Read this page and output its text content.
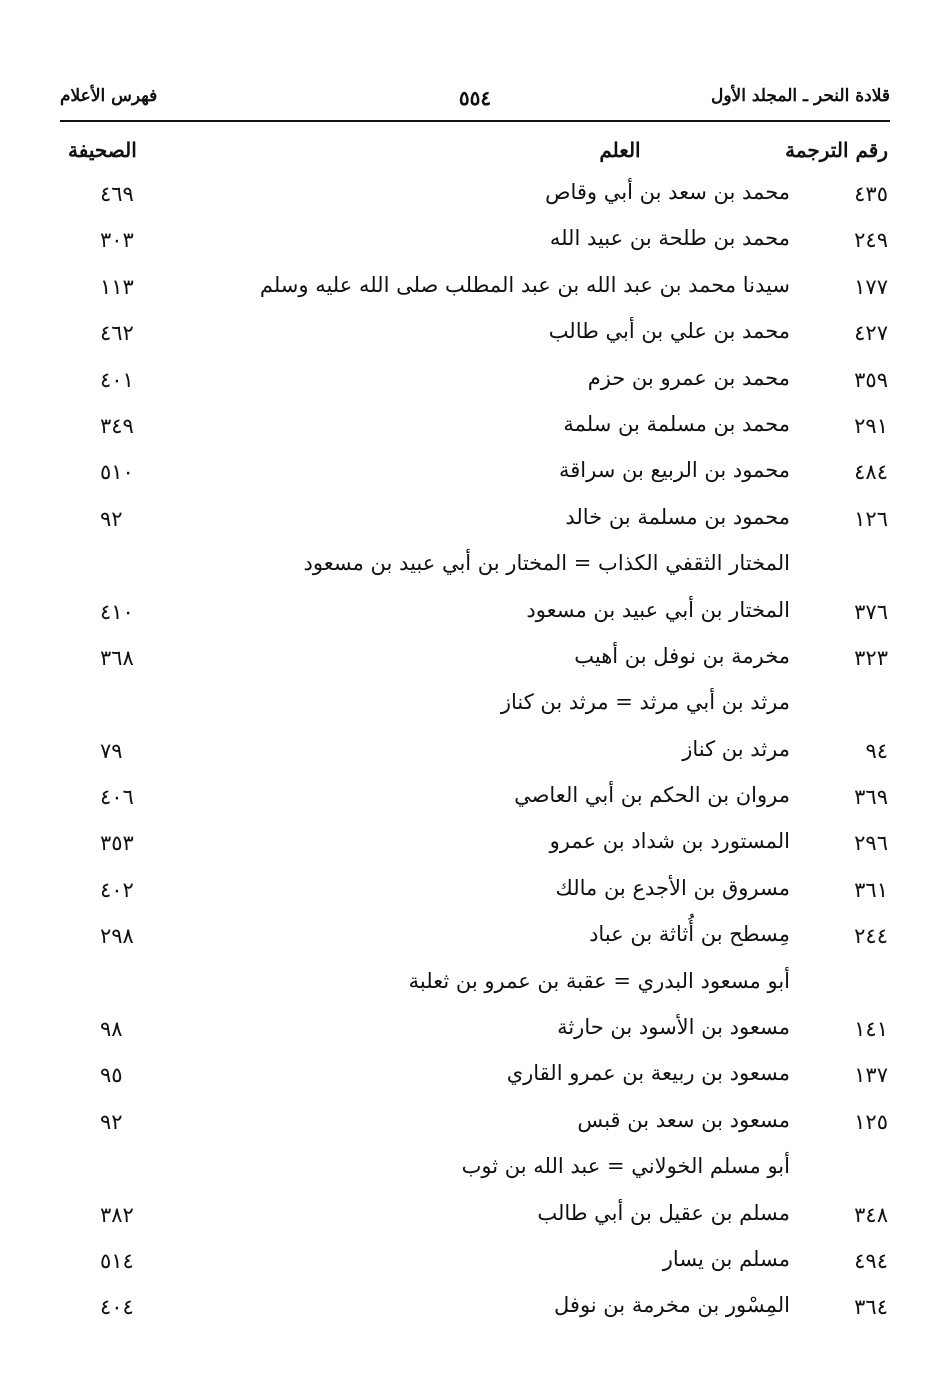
قلادة النحر ـ المجلد الأول
٥٥٤
فهرس الأعلام
رقم الترجمة
العلم
الصحيفة
٤٣٥
محمد بن سعد بن أبي وقاص
٤٦٩
٢٤٩
محمد بن طلحة بن عبيد الله
٣٠٣
١٧٧
سيدنا محمد بن عبد الله بن عبد المطلب صلى الله عليه وسلم
١١٣
٤٢٧
محمد بن علي بن أبي طالب
٤٦٢
٣٥٩
محمد بن عمرو بن حزم
٤٠١
٢٩١
محمد بن مسلمة بن سلمة
٣٤٩
٤٨٤
محمود بن الربيع بن سراقة
٥١٠
١٢٦
محمود بن مسلمة بن خالد
٩٢
المختار الثقفي الكذاب = المختار بن أبي عبيد بن مسعود
٣٧٦
المختار بن أبي عبيد بن مسعود
٤١٠
٣٢٣
مخرمة بن نوفل بن أهيب
٣٦٨
مرثد بن أبي مرثد = مرثد بن كناز
٩٤
مرثد بن كناز
٧٩
٣٦٩
مروان بن الحكم بن أبي العاصي
٤٠٦
٢٩٦
المستورد بن شداد بن عمرو
٣٥٣
٣٦١
مسروق بن الأجدع بن مالك
٤٠٢
٢٤٤
مِسطح بن أُثاثة بن عباد
٢٩٨
أبو مسعود البدري = عقبة بن عمرو بن ثعلبة
١٤١
مسعود بن الأسود بن حارثة
٩٨
١٣٧
مسعود بن ربيعة بن عمرو القاري
٩٥
١٢٥
مسعود بن سعد بن قبس
٩٢
أبو مسلم الخولاني = عبد الله بن ثوب
٣٤٨
مسلم بن عقيل بن أبي طالب
٣٨٢
٤٩٤
مسلم بن يسار
٥١٤
٣٦٤
المِسْور بن مخرمة بن نوفل
٤٠٤
